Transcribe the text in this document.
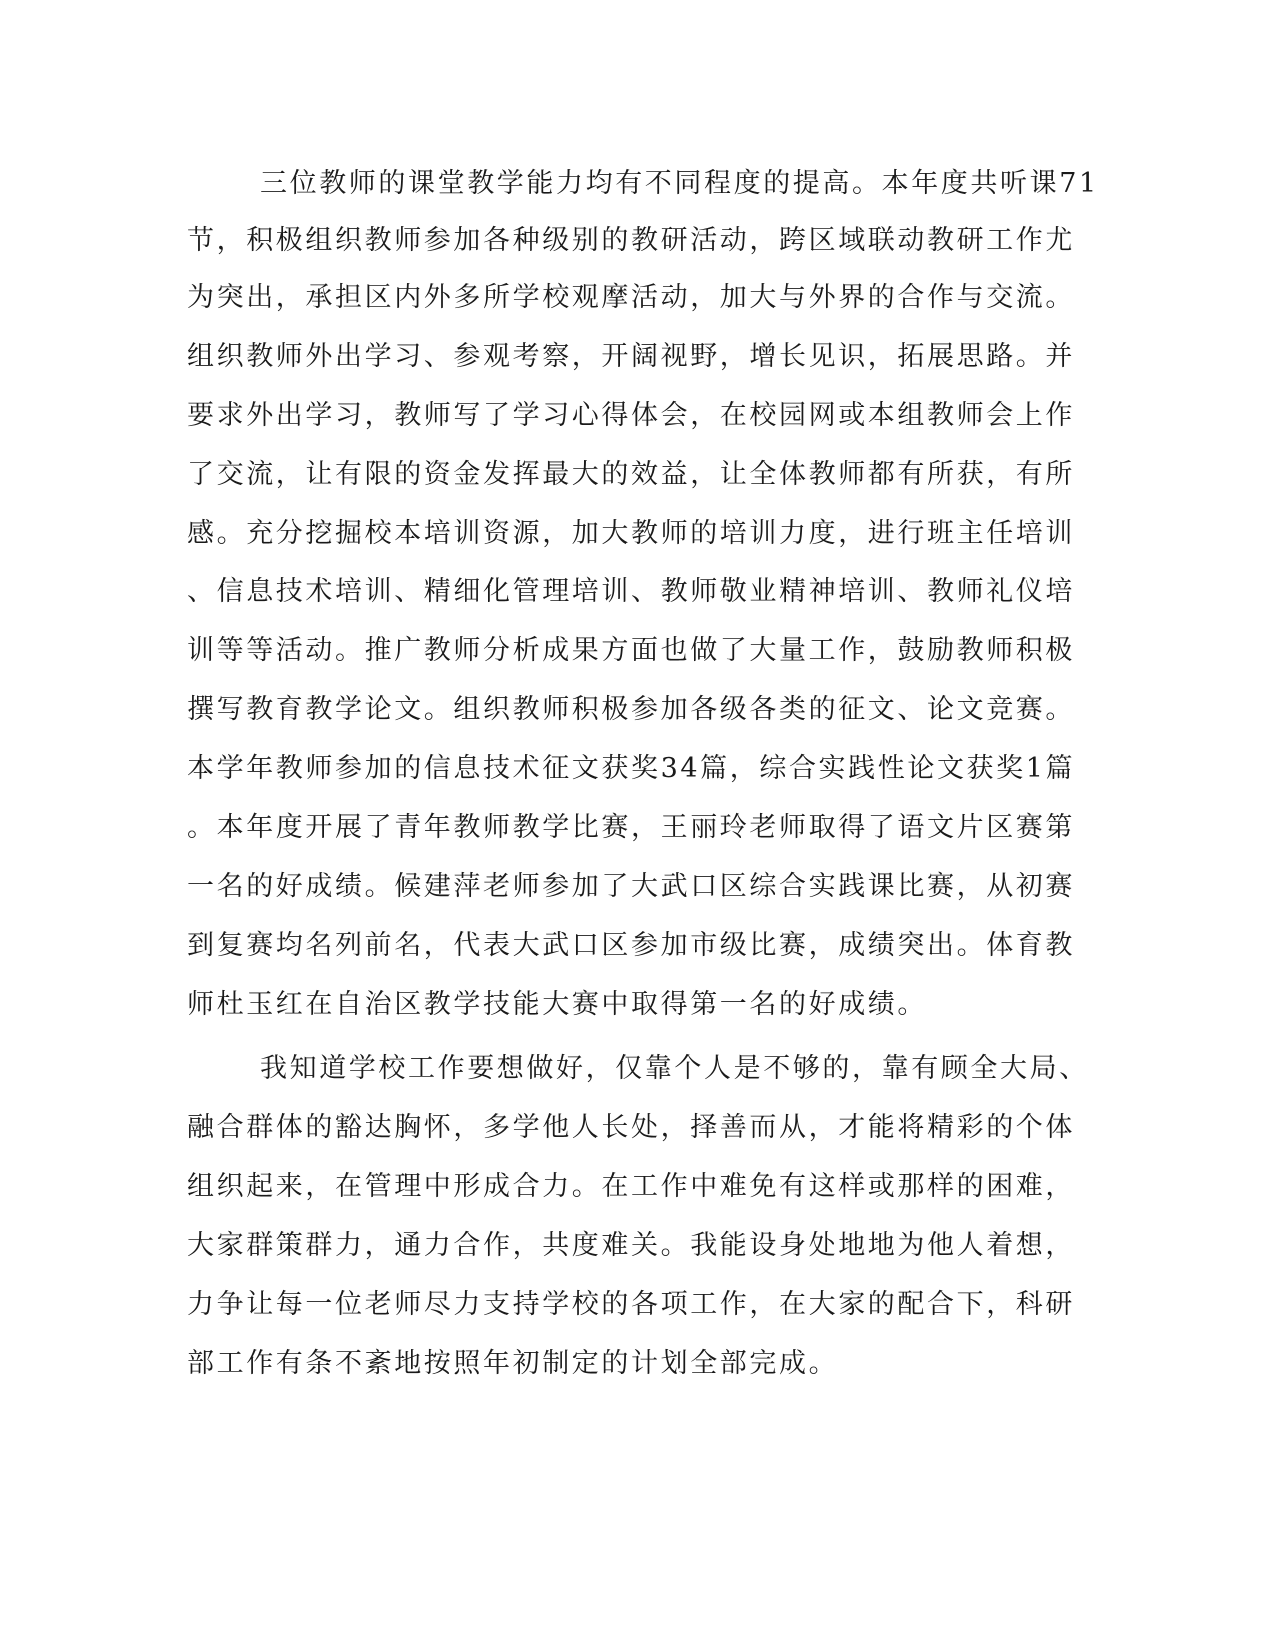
三位教师的课堂教学能力均有不同程度的提高。本年度共听课71
节，积极组织教师参加各种级别的教研活动，跨区域联动教研工作尤
为突出，承担区内外多所学校观摩活动，加大与外界的合作与交流。
组织教师外出学习、参观考察，开阔视野，增长见识，拓展思路。并
要求外出学习，教师写了学习心得体会，在校园网或本组教师会上作
了交流，让有限的资金发挥最大的效益，让全体教师都有所获，有所
感。充分挖掘校本培训资源，加大教师的培训力度，进行班主任培训
、信息技术培训、精细化管理培训、教师敬业精神培训、教师礼仪培
训等等活动。推广教师分析成果方面也做了大量工作，鼓励教师积极
撰写教育教学论文。组织教师积极参加各级各类的征文、论文竞赛。
本学年教师参加的信息技术征文获奖34篇，综合实践性论文获奖1篇
。本年度开展了青年教师教学比赛，王丽玲老师取得了语文片区赛第
一名的好成绩。候建萍老师参加了大武口区综合实践课比赛，从初赛
到复赛均名列前名，代表大武口区参加市级比赛，成绩突出。体育教
师杜玉红在自治区教学技能大赛中取得第一名的好成绩。
我知道学校工作要想做好，仅靠个人是不够的，靠有顾全大局、
融合群体的豁达胸怀，多学他人长处，择善而从，才能将精彩的个体
组织起来，在管理中形成合力。在工作中难免有这样或那样的困难，
大家群策群力，通力合作，共度难关。我能设身处地地为他人着想，
力争让每一位老师尽力支持学校的各项工作，在大家的配合下，科研
部工作有条不紊地按照年初制定的计划全部完成。
